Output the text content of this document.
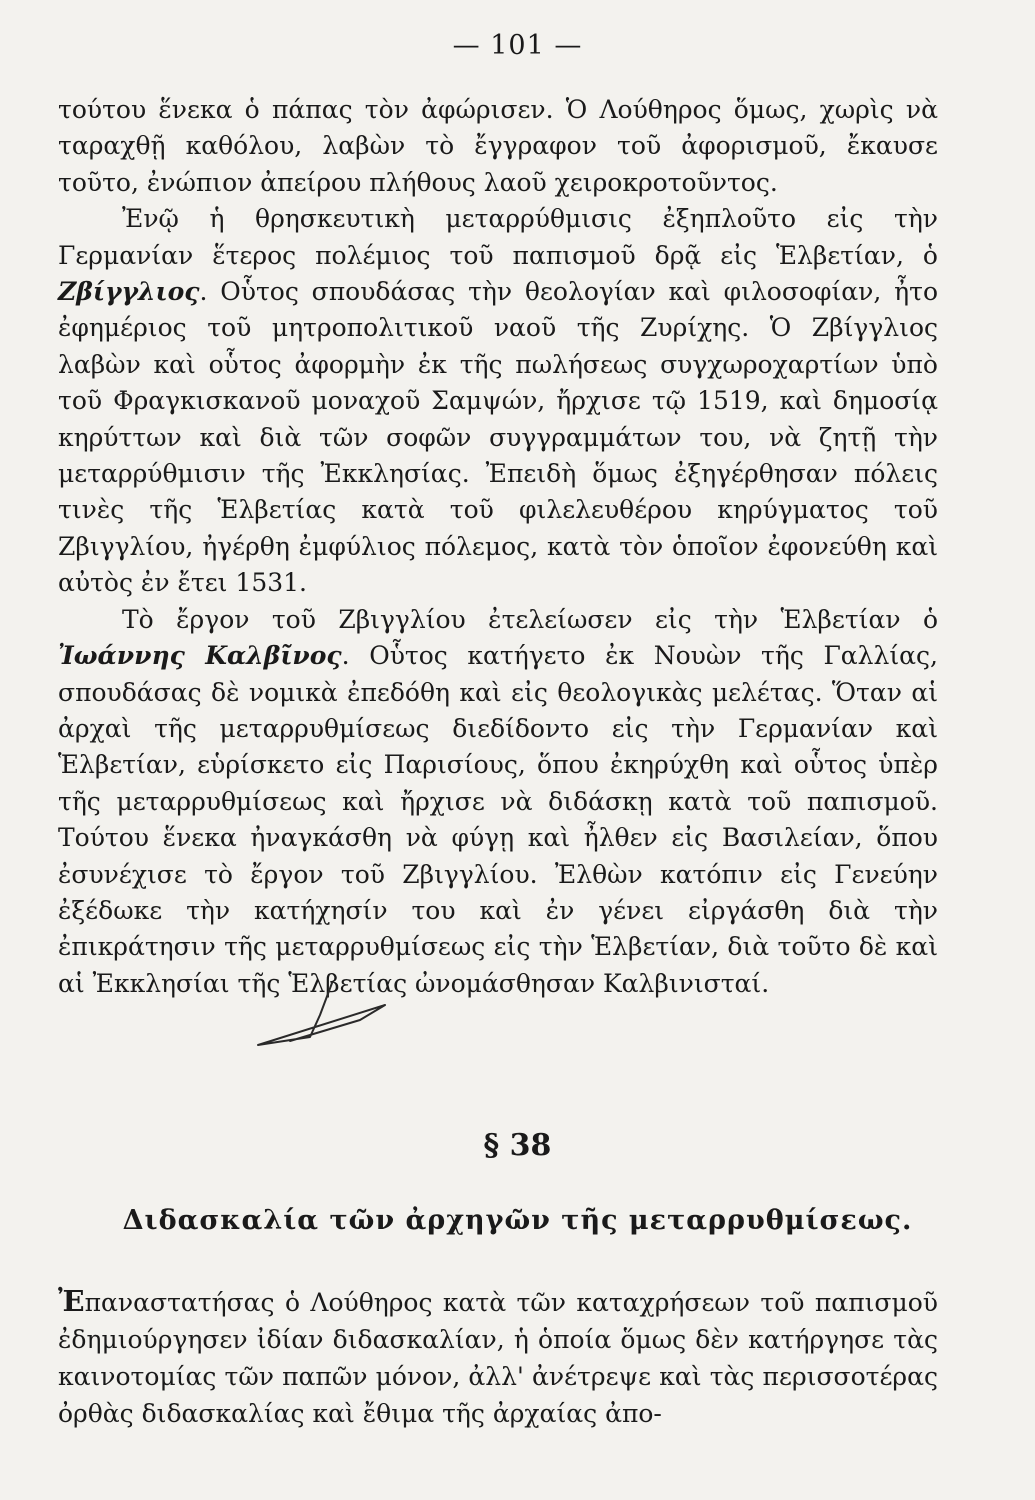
— 101 —

τούτου ἕνεκα ὁ πάπας τὸν ἀφώρισεν. Ὁ Λούθηρος ὅμως, χωρὶς νὰ ταραχθῇ καθόλου, λαβὼν τὸ ἔγγραφον τοῦ ἀφορισμοῦ, ἔκαυσε τοῦτο, ἐνώπιον ἀπείρου πλήθους λαοῦ χειροκροτοῦντος.

Ἐνῷ ἡ θρησκευτικὴ μεταρρύθμισις ἐξηπλοῦτο εἰς τὴν Γερμανίαν ἕτερος πολέμιος τοῦ παπισμοῦ δρᾷ εἰς Ἑλβετίαν, ὁ Ζβίγγλιος. Οὗτος σπουδάσας τὴν θεολογίαν καὶ φιλοσοφίαν, ἦτο ἐφημέριος τοῦ μητροπολιτικοῦ ναοῦ τῆς Ζυρίχης. Ὁ Ζβίγγλιος λαβὼν καὶ οὗτος ἀφορμὴν ἐκ τῆς πωλήσεως συγχωροχαρτίων ὑπὸ τοῦ Φραγκισκανοῦ μοναχοῦ Σαμψών, ἤρχισε τῷ 1519, καὶ δημοσίᾳ κηρύττων καὶ διὰ τῶν σοφῶν συγγραμμάτων του, νὰ ζητῇ τὴν μεταρρύθμισιν τῆς Ἐκκλησίας. Ἐπειδὴ ὅμως ἐξηγέρθησαν πόλεις τινὲς τῆς Ἑλβετίας κατὰ τοῦ φιλελευθέρου κηρύγματος τοῦ Ζβιγγλίου, ἠγέρθη ἐμφύλιος πόλεμος, κατὰ τὸν ὁποῖον ἐφονεύθη καὶ αὐτὸς ἐν ἔτει 1531.

Τὸ ἔργον τοῦ Ζβιγγλίου ἐτελείωσεν εἰς τὴν Ἑλβετίαν ὁ Ἰωάννης Καλβῖνος. Οὗτος κατήγετο ἐκ Νουὼν τῆς Γαλλίας, σπουδάσας δὲ νομικὰ ἐπεδόθη καὶ εἰς θεολογικὰς μελέτας. Ὅταν αἱ ἀρχαὶ τῆς μεταρρυθμίσεως διεδίδοντο εἰς τὴν Γερμανίαν καὶ Ἑλβετίαν, εὑρίσκετο εἰς Παρισίους, ὅπου ἐκηρύχθη καὶ οὗτος ὑπὲρ τῆς μεταρρυθμίσεως καὶ ἤρχισε νὰ διδάσκῃ κατὰ τοῦ παπισμοῦ. Τούτου ἕνεκα ἠναγκάσθη νὰ φύγῃ καὶ ἦλθεν εἰς Βασιλείαν, ὅπου ἐσυνέχισε τὸ ἔργον τοῦ Ζβιγγλίου. Ἐλθὼν κατόπιν εἰς Γενεύην ἐξέδωκε τὴν κατήχησίν του καὶ ἐν γένει εἰργάσθη διὰ τὴν ἐπικράτησιν τῆς μεταρρυθμίσεως εἰς τὴν Ἑλβετίαν, διὰ τοῦτο δὲ καὶ αἱ Ἐκκλησίαι τῆς Ἑλβετίας ὠνομάσθησαν Καλβινισταί.

§ 38
Διδασκαλία τῶν ἀρχηγῶν τῆς μεταρρυθμίσεως.
Ἐπαναστατήσας ὁ Λούθηρος κατὰ τῶν καταχρήσεων τοῦ παπισμοῦ ἐδημιούργησεν ἰδίαν διδασκαλίαν, ἡ ὁποία ὅμως δὲν κατήργησε τὰς καινοτομίας τῶν παπῶν μόνον, ἀλλ' ἀνέτρεψε καὶ τὰς περισσοτέρας ὀρθὰς διδασκαλίας καὶ ἔθιμα τῆς ἀρχαίας ἀπο-
